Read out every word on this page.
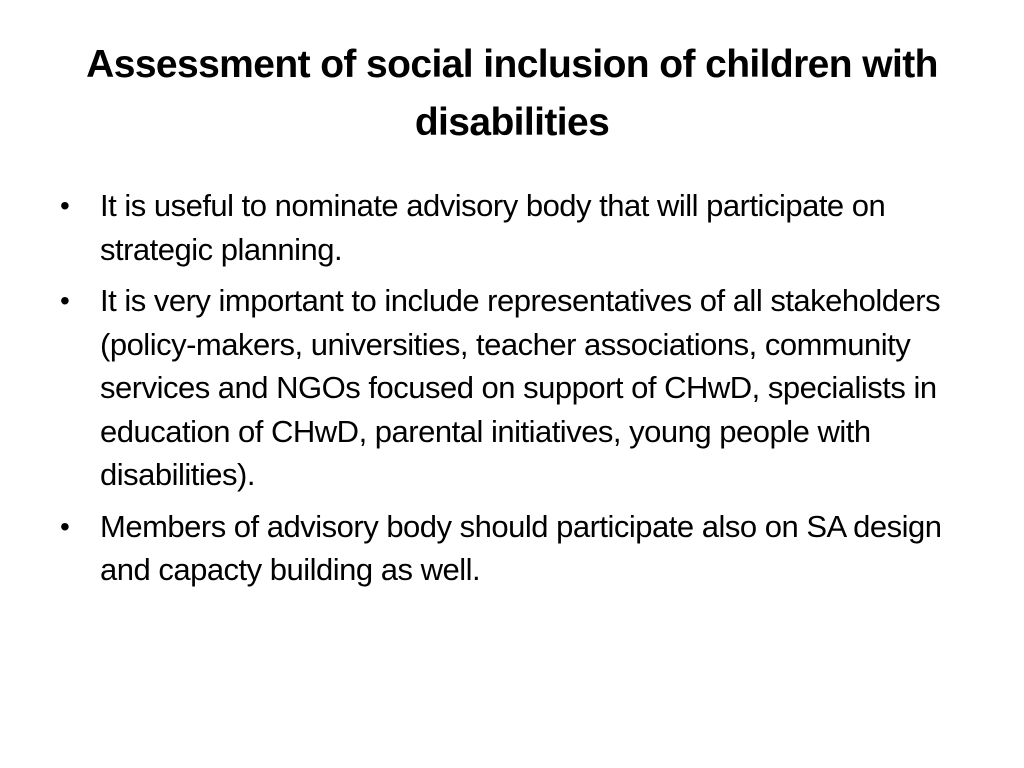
Assessment of social inclusion of children with disabilities
• It is useful to nominate advisory body that will participate on strategic planning.
• It is very important to include representatives of all stakeholders (policy-makers, universities, teacher associations, community services and NGOs focused on support of CHwD, specialists in education of CHwD, parental initiatives, young people with disabilities).
• Members of advisory body should participate also on SA design and capacty building as well.
